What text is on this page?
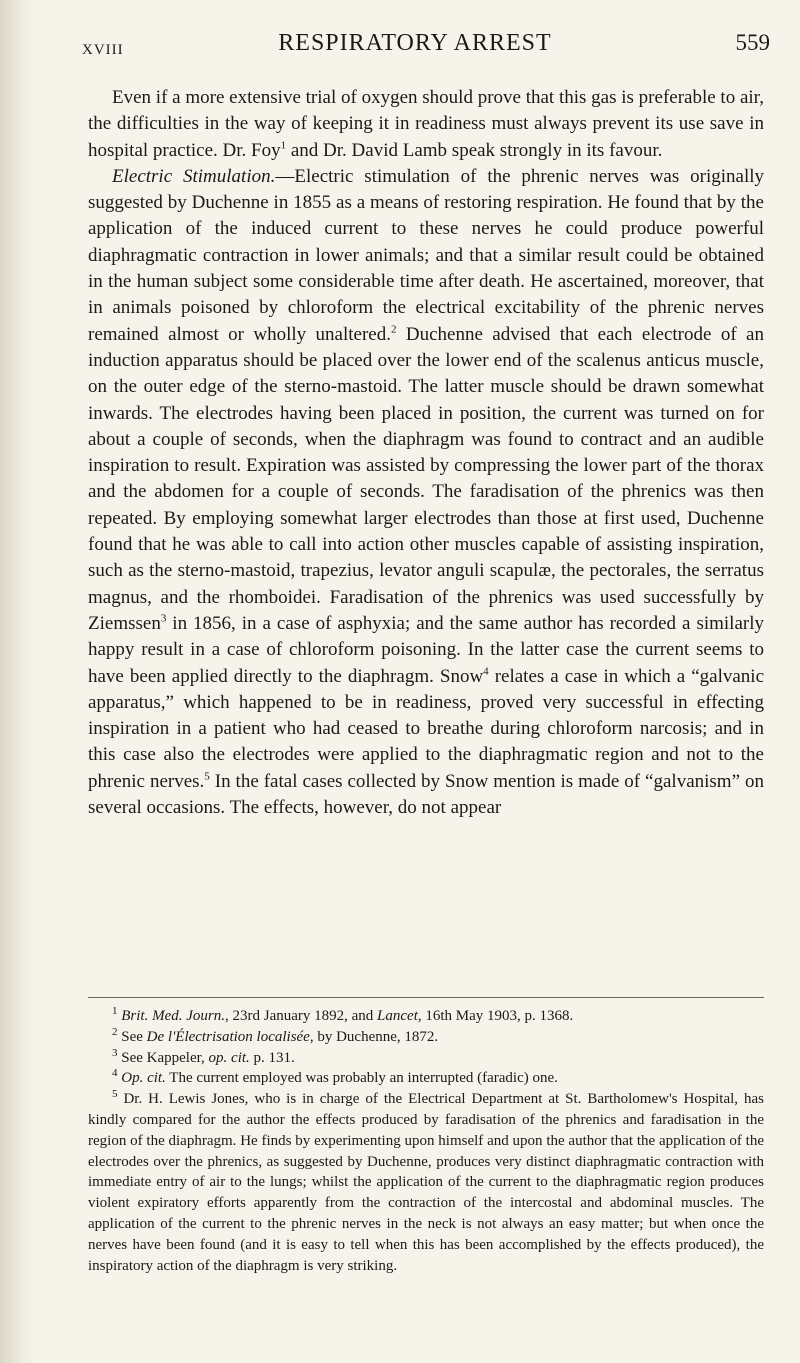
XVIII	RESPIRATORY ARREST	559

Even if a more extensive trial of oxygen should prove that this gas is preferable to air, the difficulties in the way of keeping it in readiness must always prevent its use save in hospital practice. Dr. Foy$^1$ and Dr. David Lamb speak strongly in its favour.

Electric Stimulation.—Electric stimulation of the phrenic nerves was originally suggested by Duchenne in 1855 as a means of restoring respiration. He found that by the application of the induced current to these nerves he could produce powerful diaphragmatic contraction in lower animals; and that a similar result could be obtained in the human subject some considerable time after death. He ascertained, moreover, that in animals poisoned by chloroform the electrical excitability of the phrenic nerves remained almost or wholly unaltered.$^2$ Duchenne advised that each electrode of an induction apparatus should be placed over the lower end of the scalenus anticus muscle, on the outer edge of the sterno-mastoid. The latter muscle should be drawn somewhat inwards. The electrodes having been placed in position, the current was turned on for about a couple of seconds, when the diaphragm was found to contract and an audible inspiration to result. Expiration was assisted by compressing the lower part of the thorax and the abdomen for a couple of seconds. The faradisation of the phrenics was then repeated. By employing somewhat larger electrodes than those at first used, Duchenne found that he was able to call into action other muscles capable of assisting inspiration, such as the sterno-mastoid, trapezius, levator anguli scapulæ, the pectorales, the serratus magnus, and the rhomboidei. Faradisation of the phrenics was used successfully by Ziemssen$^3$ in 1856, in a case of asphyxia; and the same author has recorded a similarly happy result in a case of chloroform poisoning. In the latter case the current seems to have been applied directly to the diaphragm. Snow$^4$ relates a case in which a “galvanic apparatus,” which happened to be in readiness, proved very successful in effecting inspiration in a patient who had ceased to breathe during chloroform narcosis; and in this case also the electrodes were applied to the diaphragmatic region and not to the phrenic nerves.$^5$ In the fatal cases collected by Snow mention is made of “galvanism” on several occasions. The effects, however, do not appear

$^1$ Brit. Med. Journ., 23rd January 1892, and Lancet, 16th May 1903, p. 1368.

$^2$ See De l'Électrisation localisée, by Duchenne, 1872.

$^3$ See Kappeler, op. cit. p. 131.

$^4$ Op. cit. The current employed was probably an interrupted (faradic) one.

$^5$ Dr. H. Lewis Jones, who is in charge of the Electrical Department at St. Bartholomew's Hospital, has kindly compared for the author the effects produced by faradisation of the phrenics and faradisation in the region of the diaphragm. He finds by experimenting upon himself and upon the author that the application of the electrodes over the phrenics, as suggested by Duchenne, produces very distinct diaphragmatic contraction with immediate entry of air to the lungs; whilst the application of the current to the diaphragmatic region produces violent expiratory efforts apparently from the contraction of the intercostal and abdominal muscles. The application of the current to the phrenic nerves in the neck is not always an easy matter; but when once the nerves have been found (and it is easy to tell when this has been accomplished by the effects produced), the inspiratory action of the diaphragm is very striking.
